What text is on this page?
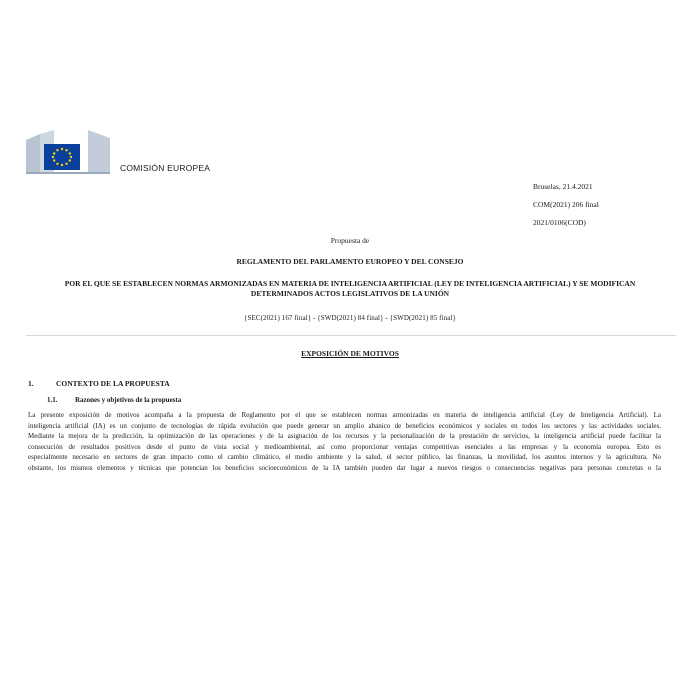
COMISIÓN EUROPEA
Bruselas, 21.4.2021
COM(2021) 206 final
2021/0106(COD)
Propuesta de
REGLAMENTO DEL PARLAMENTO EUROPEO Y DEL CONSEJO
POR EL QUE SE ESTABLECEN NORMAS ARMONIZADAS EN MATERIA DE INTELIGENCIA ARTIFICIAL (LEY DE INTELIGENCIA ARTIFICIAL) Y SE MODIFICAN DETERMINADOS ACTOS LEGISLATIVOS DE LA UNIÓN
{SEC(2021) 167 final} - {SWD(2021) 84 final} - {SWD(2021) 85 final}
EXPOSICIÓN DE MOTIVOS
1.	CONTEXTO DE LA PROPUESTA
1.1.	Razones y objetivos de la propuesta
La presente exposición de motivos acompaña a la propuesta de Reglamento por el que se establecen normas armonizadas en materia de inteligencia artificial (Ley de Inteligencia Artificial). La
inteligencia artificial (IA) es un conjunto de tecnologías de rápida evolución que puede generar un amplio abanico de beneficios económicos y sociales en todos los sectores y las actividades sociales.
Mediante la mejora de la predicción, la optimización de las operaciones y de la asignación de los recursos y la personalización de la prestación de servicios, la inteligencia artificial puede facilitar la
consecución de resultados positivos desde el punto de vista social y medioambiental, así como proporcionar ventajas competitivas esenciales a las empresas y la economía europea. Esto es
especialmente necesario en sectores de gran impacto como el cambio climático, el medio ambiente y la salud, el sector público, las finanzas, la movilidad, los asuntos internos y la agricultura. No
obstante, los mismos elementos y técnicas que potencian los beneficios socioeconómicos de la IA también pueden dar lugar a nuevos riesgos o consecuencias negativas para personas concretas o la
